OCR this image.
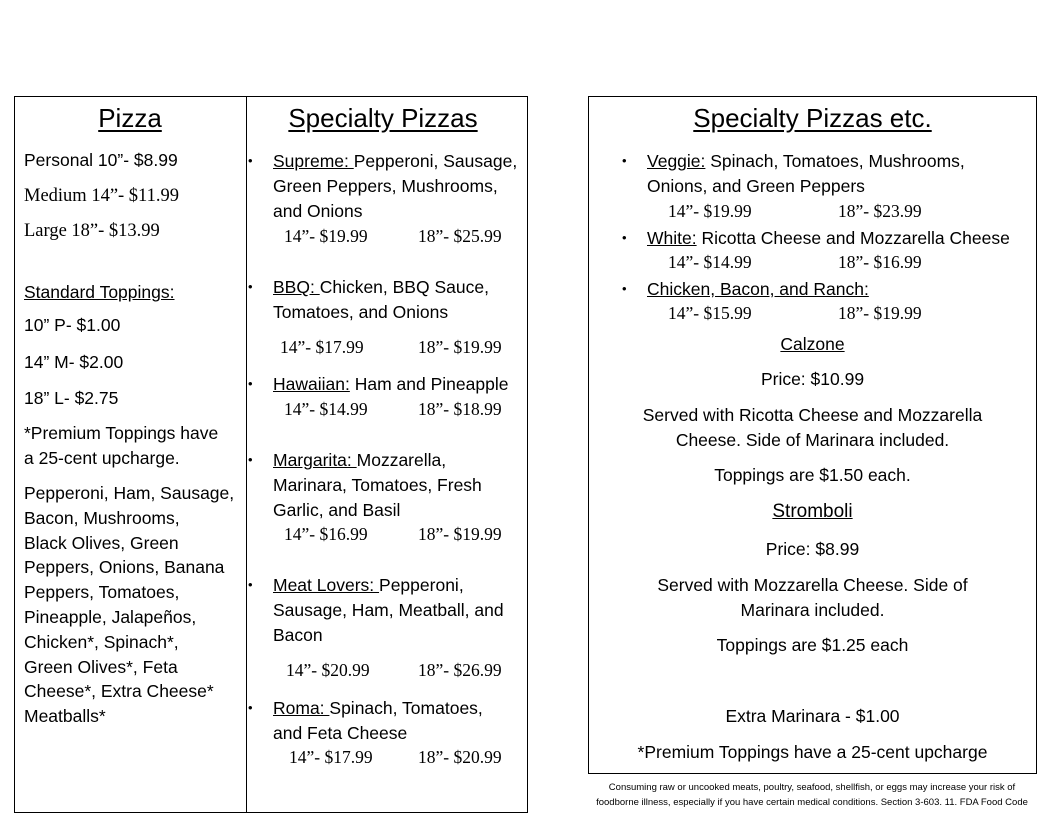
Pizza
Personal 10”- $8.99
Medium 14”- $11.99
Large 18”- $13.99
Standard Toppings:
10” P- $1.00
14” M- $2.00
18” L- $2.75
*Premium Toppings have
a 25-cent upcharge.
Pepperoni, Ham, Sausage,
Bacon, Mushrooms,
Black Olives, Green
Peppers, Onions, Banana
Peppers, Tomatoes,
Pineapple, Jalapeños,
Chicken*, Spinach*,
Green Olives*, Feta
Cheese*, Extra Cheese*
Meatballs*
Specialty Pizzas
• Supreme: Pepperoni, Sausage,
Green Peppers, Mushrooms,
and Onions
14”- $19.99	18”- $25.99
• BBQ: Chicken, BBQ Sauce,
Tomatoes, and Onions
14”- $17.99	18”- $19.99
• Hawaiian: Ham and Pineapple
14”- $14.99	18”- $18.99
• Margarita: Mozzarella,
Marinara, Tomatoes, Fresh
Garlic, and Basil
14”- $16.99	18”- $19.99
• Meat Lovers: Pepperoni,
Sausage, Ham, Meatball, and
Bacon
14”- $20.99	18”- $26.99
• Roma: Spinach, Tomatoes,
and Feta Cheese
14”- $17.99	18”- $20.99
Specialty Pizzas etc.
• Veggie: Spinach, Tomatoes, Mushrooms,
Onions, and Green Peppers
14”- $19.99	18”- $23.99
• White: Ricotta Cheese and Mozzarella Cheese
14”- $14.99	18”- $16.99
• Chicken, Bacon, and Ranch:
14”- $15.99	18”- $19.99
Calzone
Price: $10.99
Served with Ricotta Cheese and Mozzarella
Cheese. Side of Marinara included.
Toppings are $1.50 each.
Stromboli
Price: $8.99
Served with Mozzarella Cheese. Side of
Marinara included.
Toppings are $1.25 each
Extra Marinara - $1.00
*Premium Toppings have a 25-cent upcharge
Consuming raw or uncooked meats, poultry, seafood, shellfish, or eggs may increase your risk of
foodborne illness, especially if you have certain medical conditions. Section 3-603. 11. FDA Food Code
